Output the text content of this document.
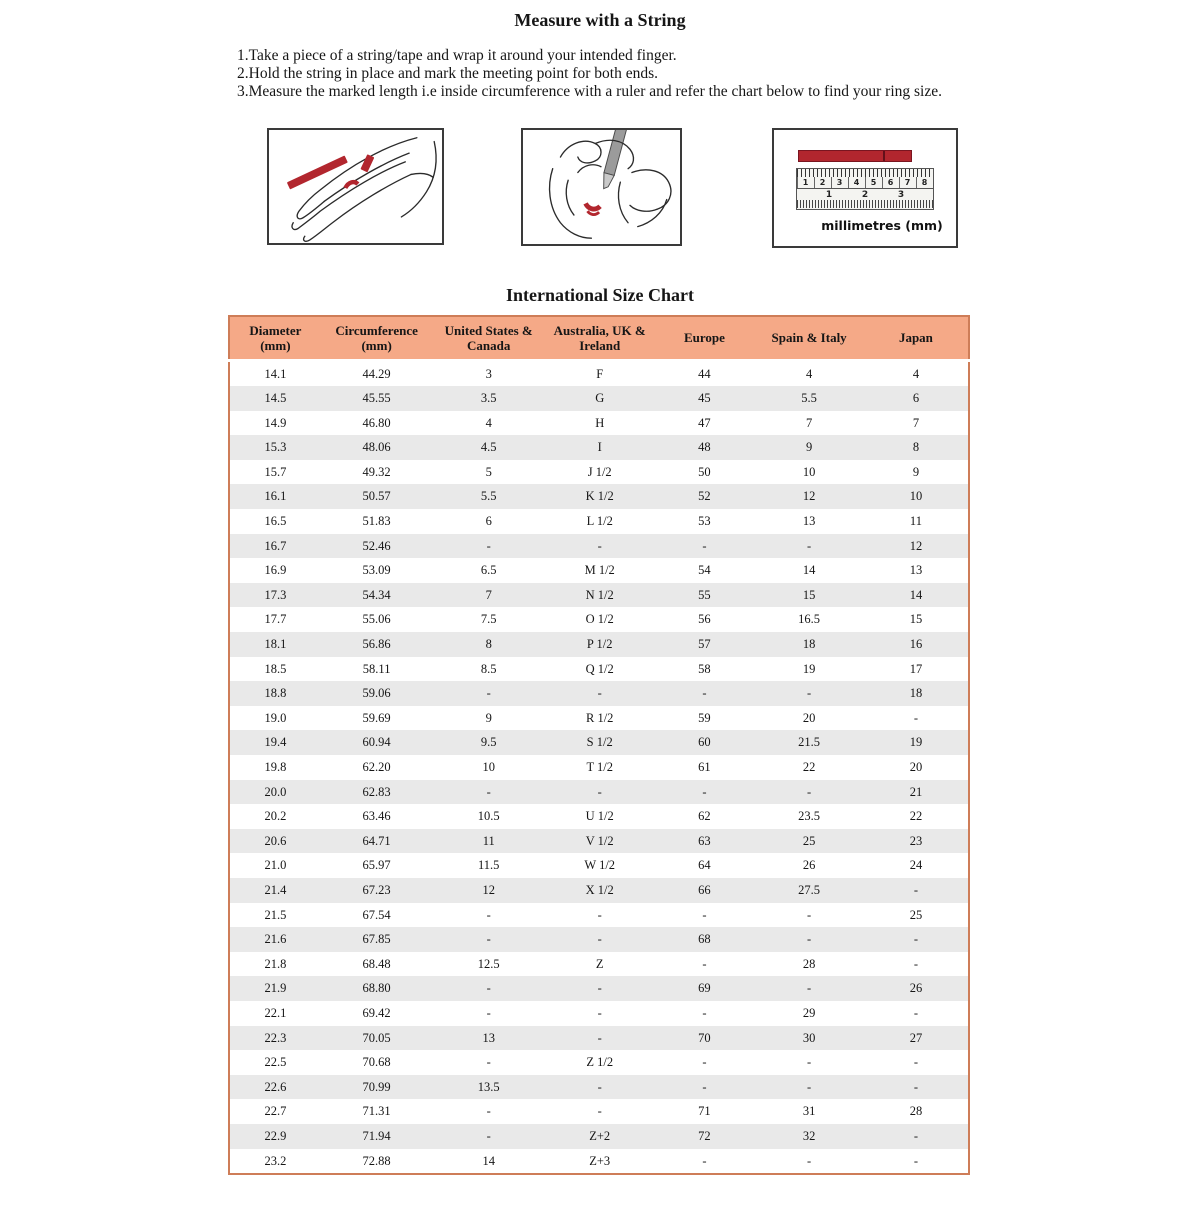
Measure with a String

1.Take a piece of a string/tape and wrap it around your intended finger.

2.Hold the string in place and mark the meeting point for both ends.

3.Measure the marked length i.e inside circumference with a ruler and refer the chart below to find your ring size.

1 2 3 4 5 6 7 8
1	2	3
millimetres (mm)
International Size Chart
Diameter (mm)	Circumference (mm)	United States & Canada	Australia, UK & Ireland	Europe	Spain & Italy	Japan
14.1	44.29	3	F	44	4	4
14.5	45.55	3.5	G	45	5.5	6
14.9	46.80	4	H	47	7	7
15.3	48.06	4.5	I	48	9	8
15.7	49.32	5	J 1/2	50	10	9
16.1	50.57	5.5	K 1/2	52	12	10
16.5	51.83	6	L 1/2	53	13	11
16.7	52.46	-	-	-	-	12
16.9	53.09	6.5	M 1/2	54	14	13
17.3	54.34	7	N 1/2	55	15	14
17.7	55.06	7.5	O 1/2	56	16.5	15
18.1	56.86	8	P 1/2	57	18	16
18.5	58.11	8.5	Q 1/2	58	19	17
18.8	59.06	-	-	-	-	18
19.0	59.69	9	R 1/2	59	20	-
19.4	60.94	9.5	S 1/2	60	21.5	19
19.8	62.20	10	T 1/2	61	22	20
20.0	62.83	-	-	-	-	21
20.2	63.46	10.5	U 1/2	62	23.5	22
20.6	64.71	11	V 1/2	63	25	23
21.0	65.97	11.5	W 1/2	64	26	24
21.4	67.23	12	X 1/2	66	27.5	-
21.5	67.54	-	-	-	-	25
21.6	67.85	-	-	68	-	-
21.8	68.48	12.5	Z	-	28	-
21.9	68.80	-	-	69	-	26
22.1	69.42	-	-	-	29	-
22.3	70.05	13	-	70	30	27
22.5	70.68	-	Z 1/2	-	-	-
22.6	70.99	13.5	-	-	-	-
22.7	71.31	-	-	71	31	28
22.9	71.94	-	Z+2	72	32	-
23.2	72.88	14	Z+3	-	-	-
